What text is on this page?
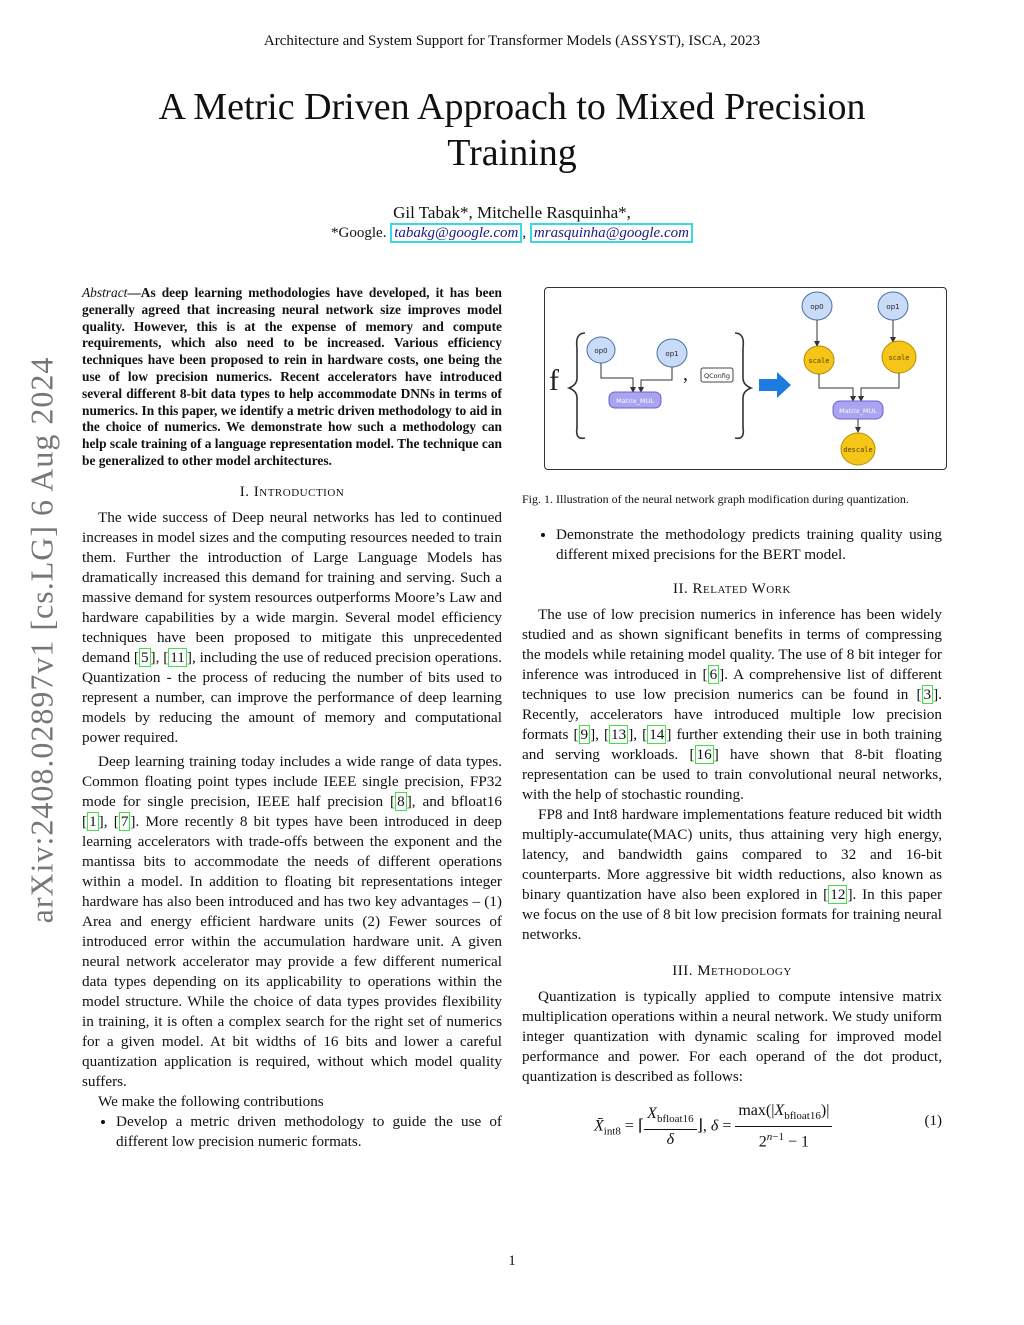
Architecture and System Support for Transformer Models (ASSYST), ISCA, 2023
A Metric Driven Approach to Mixed Precision Training
Gil Tabak*, Mitchelle Rasquinha*,
*Google. tabakg@google.com , mrasquinha@google.com
arXiv:2408.02897v1 [cs.LG] 6 Aug 2024
Abstract—As deep learning methodologies have developed, it has been generally agreed that increasing neural network size improves model quality. However, this is at the expense of memory and compute requirements, which also need to be increased. Various efficiency techniques have been proposed to rein in hardware costs, one being the use of low precision numerics. Recent accelerators have introduced several different 8-bit data types to help accommodate DNNs in terms of numerics. In this paper, we identify a metric driven methodology to aid in the choice of numerics. We demonstrate how such a methodology can help scale training of a language representation model. The technique can be generalized to other model architectures.
I. Introduction

The wide success of Deep neural networks has led to continued increases in model sizes and the computing resources needed to train them. Further the introduction of Large Language Models has dramatically increased this demand for training and serving. Such a massive demand for system resources outperforms Moore’s Law and hardware capabilities by a wide margin. Several model efficiency techniques have been proposed to mitigate this unprecedented demand [ 5 ], [ 11 ], including the use of reduced precision operations. Quantization - the process of reducing the number of bits used to represent a number, can improve the performance of deep learning models by reducing the amount of memory and computational power required.

Deep learning training today includes a wide range of data types. Common floating point types include IEEE single precision, FP32 mode for single precision, IEEE half precision [ 8 ], and bfloat16 [ 1 ], [ 7 ]. More recently 8 bit types have been introduced in deep learning accelerators with trade-offs between the exponent and the mantissa bits to accommodate the needs of different operations within a model. In addition to floating bit representations integer hardware has also been introduced and has two key advantages – (1) Area and energy efficient hardware units (2) Fewer sources of introduced error within the accumulation hardware unit. A given neural network accelerator may provide a few different numerical data types depending on its applicability to operations within the model structure. While the choice of data types provides flexibility in training, it is often a complex search for the right set of numerics for a given model. At bit widths of 16 bits and lower a careful quantization application is required, without which model quality suffers.

We make the following contributions

• Develop a metric driven methodology to guide the use of different low precision numeric formats.
f
op0	op1
Matrix_MUL
, QConfig
op0	op1
scale	scale
Matrix_MUL
descale
Fig. 1. Illustration of the neural network graph modification during quantization.
• Demonstrate the methodology predicts training quality using different mixed precisions for the BERT model.
II. Related Work

The use of low precision numerics in inference has been widely studied and as shown significant benefits in terms of compressing the models while retaining model quality. The use of 8 bit integer for inference was introduced in [ 6 ]. A comprehensive list of different techniques to use low precision numerics can be found in [ 3 ]. Recently, accelerators have introduced multiple low precision formats [ 9 ], [ 13 ], [ 14 ] further extending their use in both training and serving workloads. [ 16 ] have shown that 8-bit floating representation can be used to train convolutional neural networks, with the help of stochastic rounding.

FP8 and Int8 hardware implementations feature reduced bit width multiply-accumulate(MAC) units, thus attaining very high energy, latency, and bandwidth gains compared to 32 and 16-bit counterparts. More aggressive bit width reductions, also known as binary quantization have also been explored in [ 12 ]. In this paper we focus on the use of 8 bit low precision formats for training neural networks.

III. Methodology

Quantization is typically applied to compute intensive matrix multiplication operations within a neural network. We study uniform integer quantization with dynamic scaling for improved model performance and power. For each operand of the dot product, quantization is described as follows:

$X̄_{int8}$ = ⌈ $\frac{X_{bfloat16}}{\delta}$ ⌋, $\delta = \frac{\max(|X_{bfloat16})|}{2^{n-1} - 1}$	(1)
1
